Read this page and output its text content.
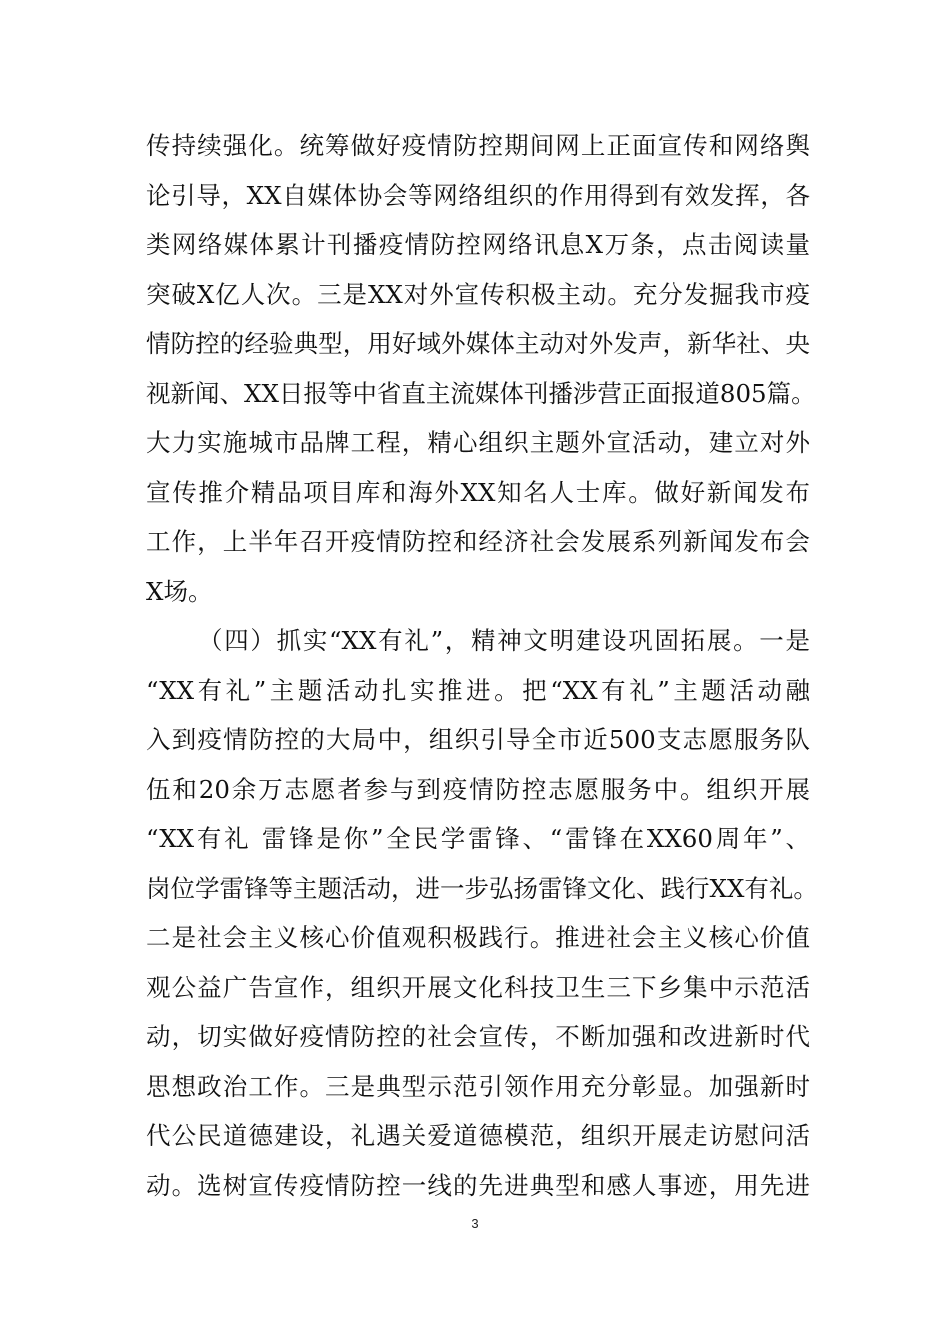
传持续强化。统筹做好疫情防控期间网上正面宣传和网络舆
论引导，XX自媒体协会等网络组织的作用得到有效发挥，各
类网络媒体累计刊播疫情防控网络讯息X万条，点击阅读量
突破X亿人次。三是XX对外宣传积极主动。充分发掘我市疫
情防控的经验典型，用好域外媒体主动对外发声，新华社、央
视新闻、XX日报等中省直主流媒体刊播涉营正面报道805篇。
大力实施城市品牌工程，精心组织主题外宣活动，建立对外
宣传推介精品项目库和海外XX知名人士库。做好新闻发布
工作，上半年召开疫情防控和经济社会发展系列新闻发布会
X场。
（四）抓实“XX有礼”，精神文明建设巩固拓展。一是
“XX有礼”主题活动扎实推进。把“XX有礼”主题活动融
入到疫情防控的大局中，组织引导全市近500支志愿服务队
伍和20余万志愿者参与到疫情防控志愿服务中。组织开展
“XX有礼 雷锋是你”全民学雷锋、“雷锋在XX60周年”、
岗位学雷锋等主题活动，进一步弘扬雷锋文化、践行XX有礼。
二是社会主义核心价值观积极践行。推进社会主义核心价值
观公益广告宣作，组织开展文化科技卫生三下乡集中示范活
动，切实做好疫情防控的社会宣传，不断加强和改进新时代
思想政治工作。三是典型示范引领作用充分彰显。加强新时
代公民道德建设，礼遇关爱道德模范，组织开展走访慰问活
动。选树宣传疫情防控一线的先进典型和感人事迹，用先进
3
